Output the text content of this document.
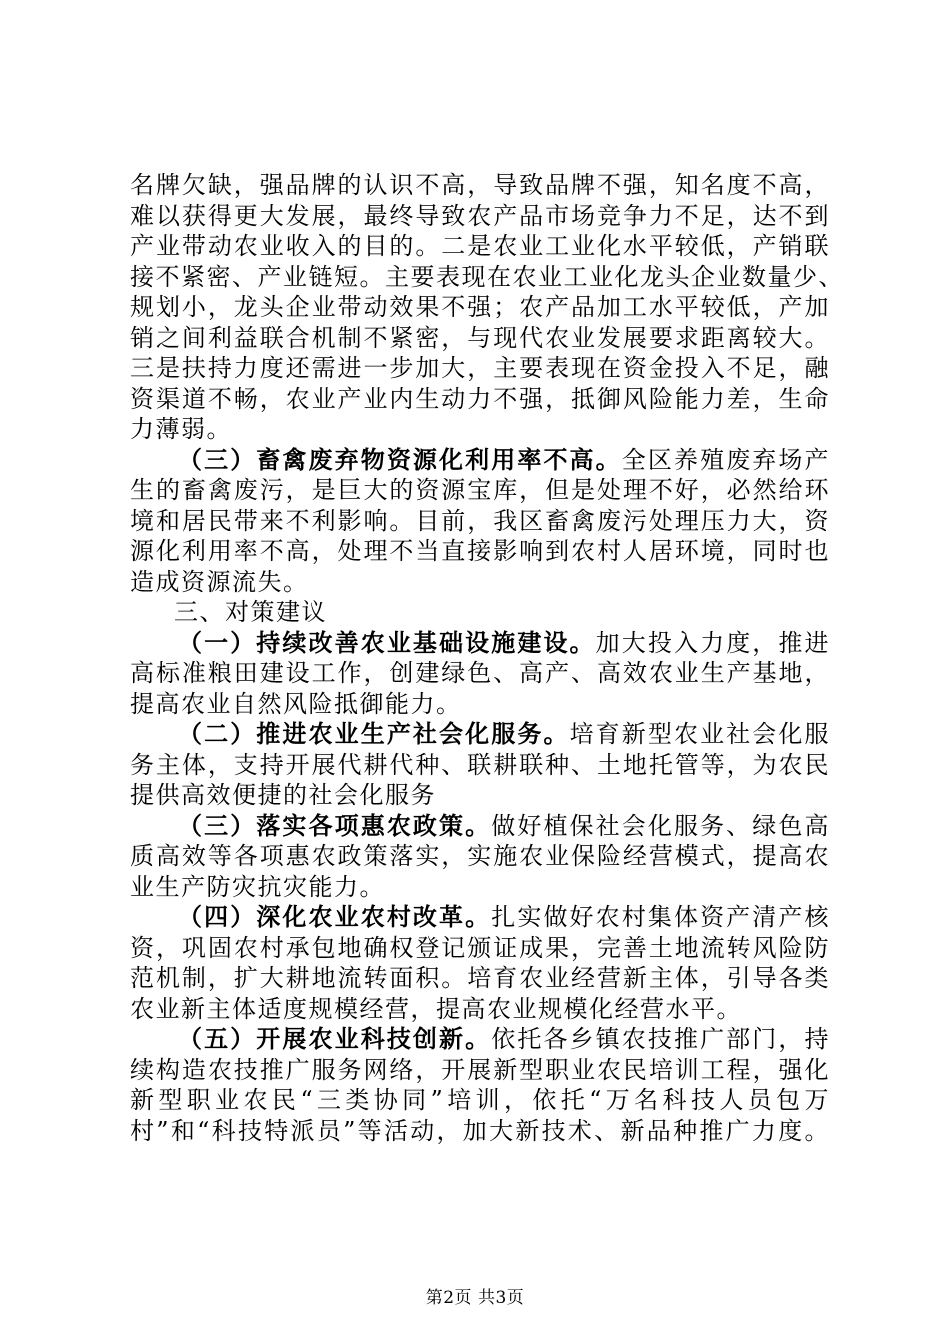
名牌欠缺，强品牌的认识不高，导致品牌不强，知名度不高，

难以获得更大发展，最终导致农产品市场竞争力不足，达不到

产业带动农业收入的目的。二是农业工业化水平较低，产销联

接不紧密、产业链短。主要表现在农业工业化龙头企业数量少、

规划小，龙头企业带动效果不强；农产品加工水平较低，产加

销之间利益联合机制不紧密，与现代农业发展要求距离较大。

三是扶持力度还需进一步加大，主要表现在资金投入不足，融

资渠道不畅，农业产业内生动力不强，抵御风险能力差，生命

力薄弱。

（三）畜禽废弃物资源化利用率不高。全区养殖废弃场产

生的畜禽废污，是巨大的资源宝库，但是处理不好，必然给环

境和居民带来不利影响。目前，我区畜禽废污处理压力大，资

源化利用率不高，处理不当直接影响到农村人居环境，同时也

造成资源流失。

三、对策建议

（一）持续改善农业基础设施建设。加大投入力度，推进

高标准粮田建设工作，创建绿色、高产、高效农业生产基地，

提高农业自然风险抵御能力。

（二）推进农业生产社会化服务。培育新型农业社会化服

务主体，支持开展代耕代种、联耕联种、土地托管等，为农民

提供高效便捷的社会化服务

（三）落实各项惠农政策。做好植保社会化服务、绿色高

质高效等各项惠农政策落实，实施农业保险经营模式，提高农

业生产防灾抗灾能力。

（四）深化农业农村改革。扎实做好农村集体资产清产核

资，巩固农村承包地确权登记颁证成果，完善土地流转风险防

范机制，扩大耕地流转面积。培育农业经营新主体，引导各类

农业新主体适度规模经营，提高农业规模化经营水平。

（五）开展农业科技创新。依托各乡镇农技推广部门，持

续构造农技推广服务网络，开展新型职业农民培训工程，强化

新型职业农民“三类协同”培训，依托“万名科技人员包万

村”和“科技特派员”等活动，加大新技术、新品种推广力度。

第2页 共3页
